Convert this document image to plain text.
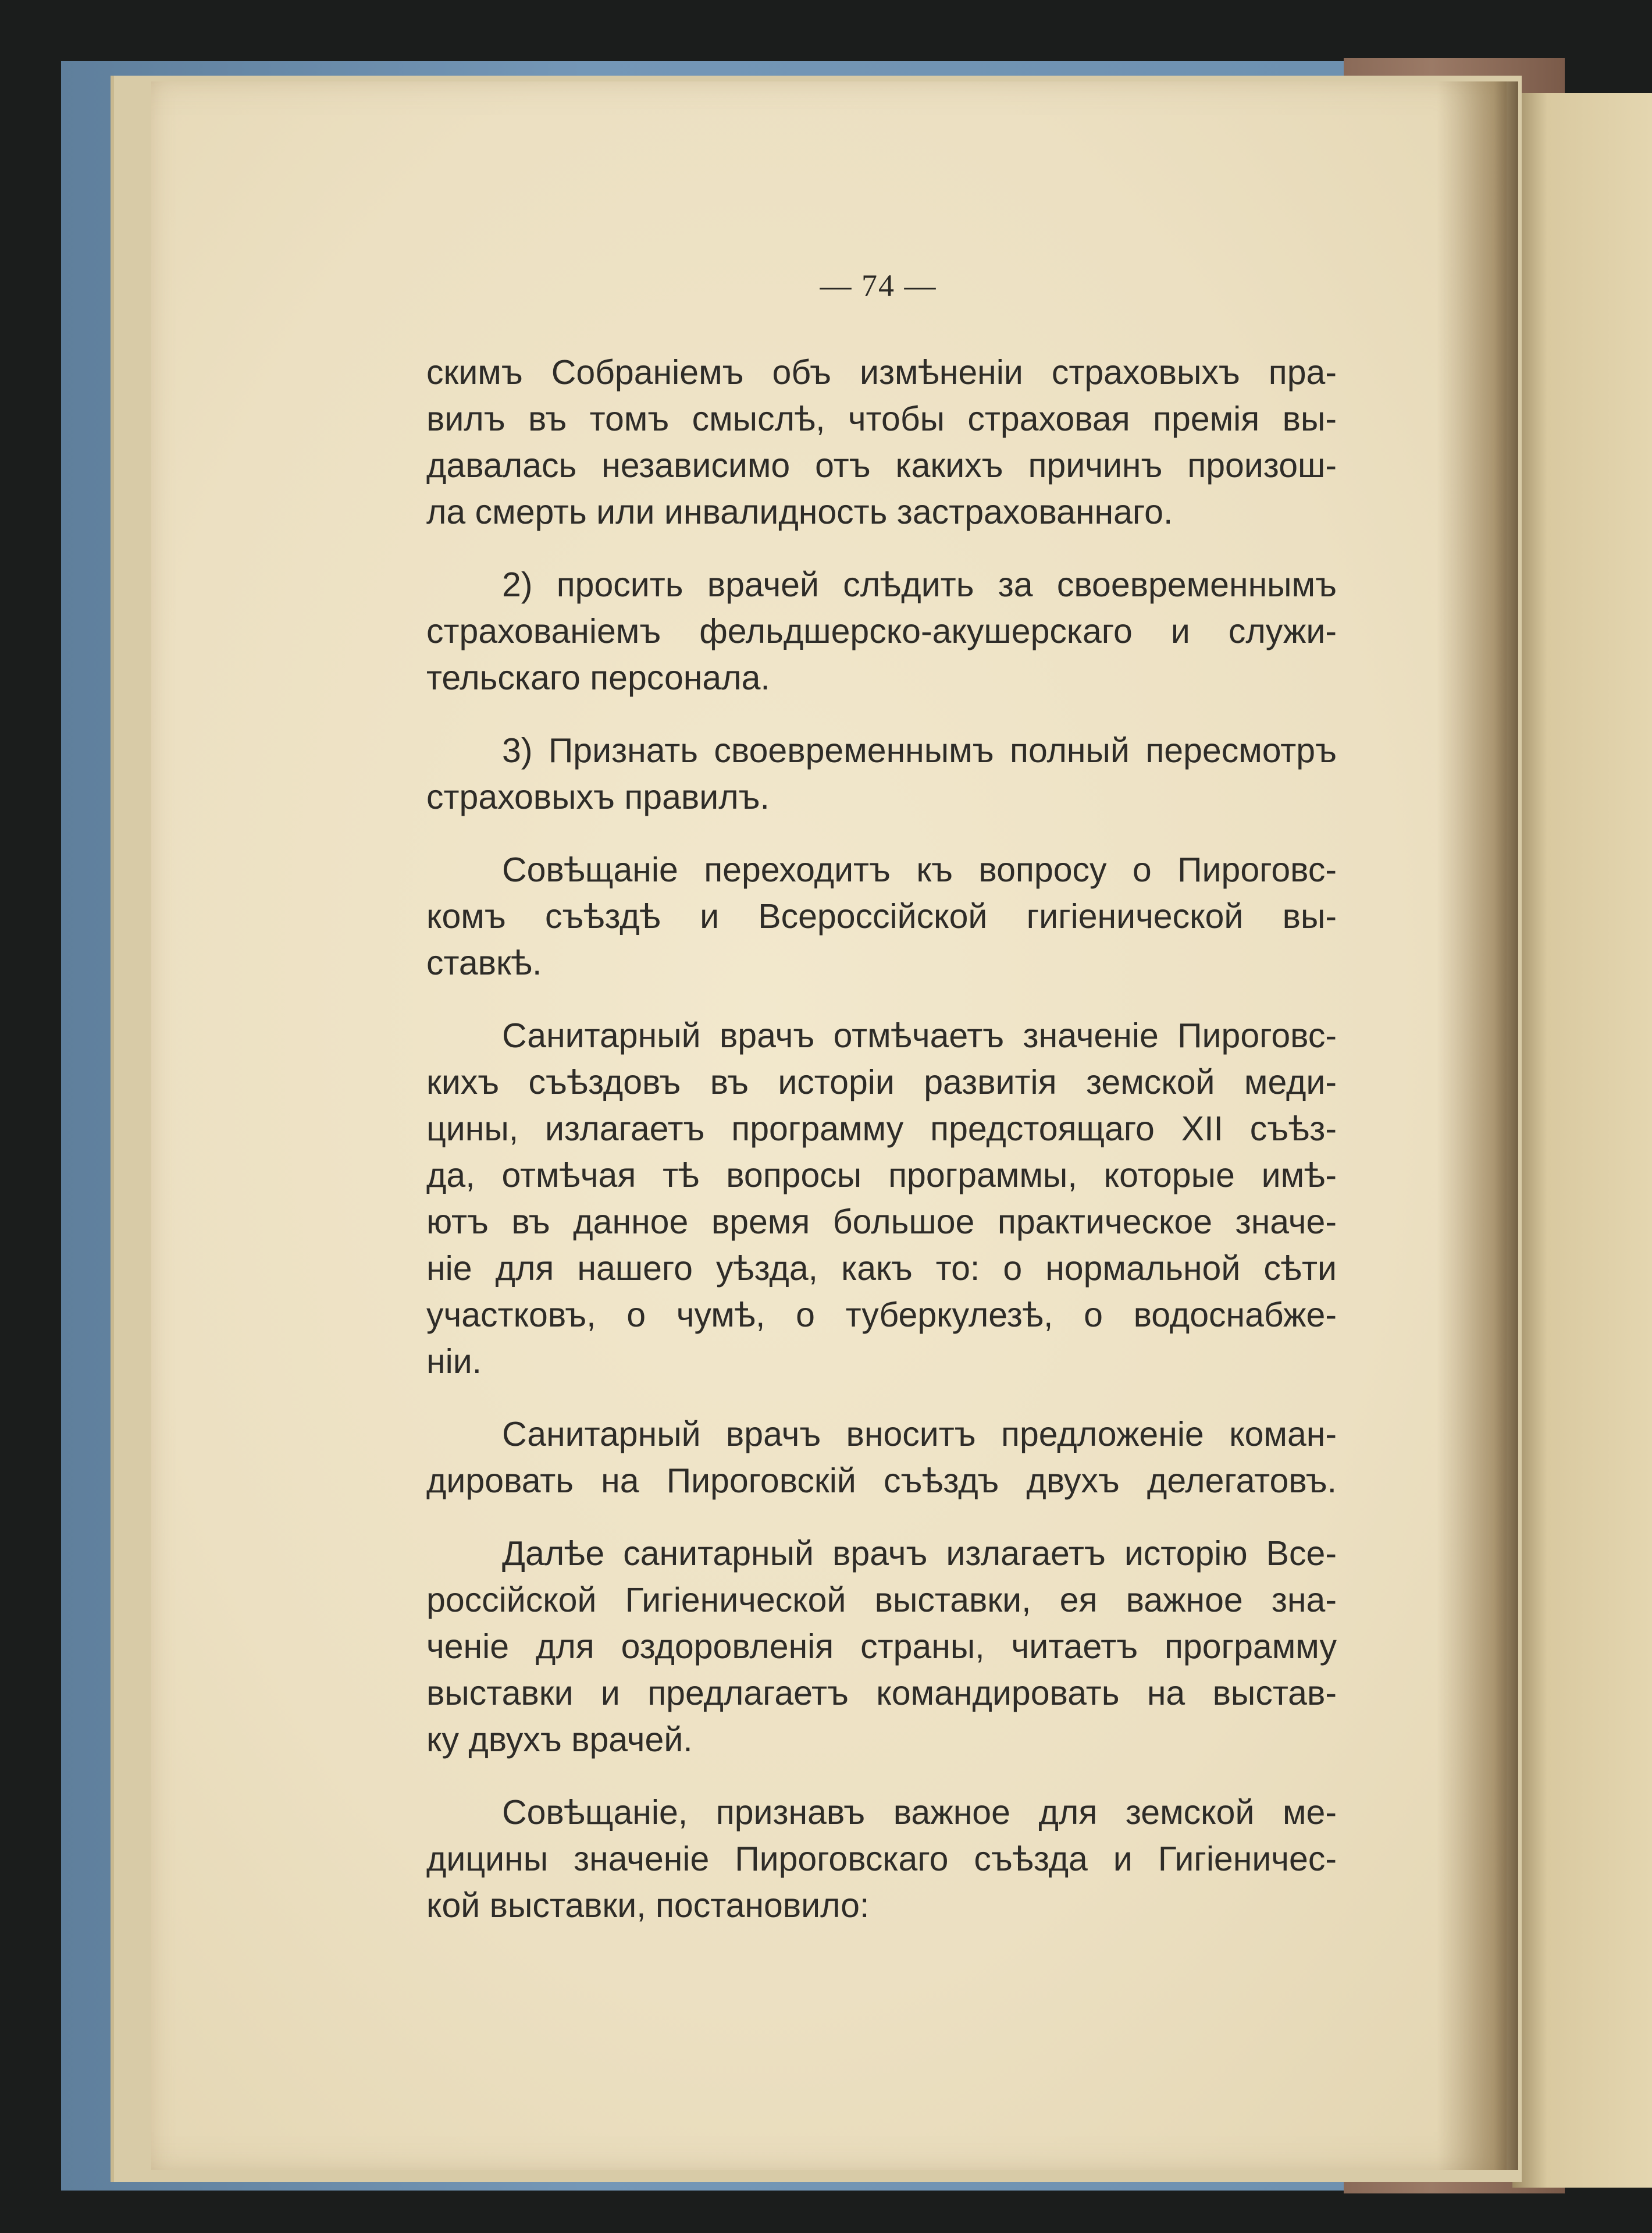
— 74 —
скимъ Собраніемъ объ измѣненіи страховыхъ пра-
вилъ въ томъ смыслѣ, чтобы страховая премія вы-
давалась независимо отъ какихъ причинъ произош-
ла смерть или инвалидность застрахованнаго.
2) просить врачей слѣдить за своевременнымъ
страхованіемъ фельдшерско-акушерскаго и служи-
тельскаго персонала.
3) Признать своевременнымъ полный пересмотръ
страховыхъ правилъ.
Совѣщаніе переходитъ къ вопросу о Пироговс-
комъ съѣздѣ и Всероссійской гигіенической вы-
ставкѣ.
Санитарный врачъ отмѣчаетъ значеніе Пироговс-
кихъ съѣздовъ въ исторіи развитія земской меди-
цины, излагаетъ программу предстоящаго XII съѣз-
да, отмѣчая тѣ вопросы программы, которые имѣ-
ютъ въ данное время большое практическое значе-
ніе для нашего уѣзда, какъ то: о нормальной сѣти
участковъ, о чумѣ, о туберкулезѣ, о водоснабже-
ніи.
Санитарный врачъ вноситъ предложеніе коман-
дировать на Пироговскій съѣздъ двухъ делегатовъ.
Далѣе санитарный врачъ излагаетъ исторію Все-
россійской Гигіенической выставки, ея важное зна-
ченіе для оздоровленія страны, читаетъ программу
выставки и предлагаетъ командировать на выстав-
ку двухъ врачей.
Совѣщаніе, признавъ важное для земской ме-
дицины значеніе Пироговскаго съѣзда и Гигіеничес-
кой выставки, постановило:
